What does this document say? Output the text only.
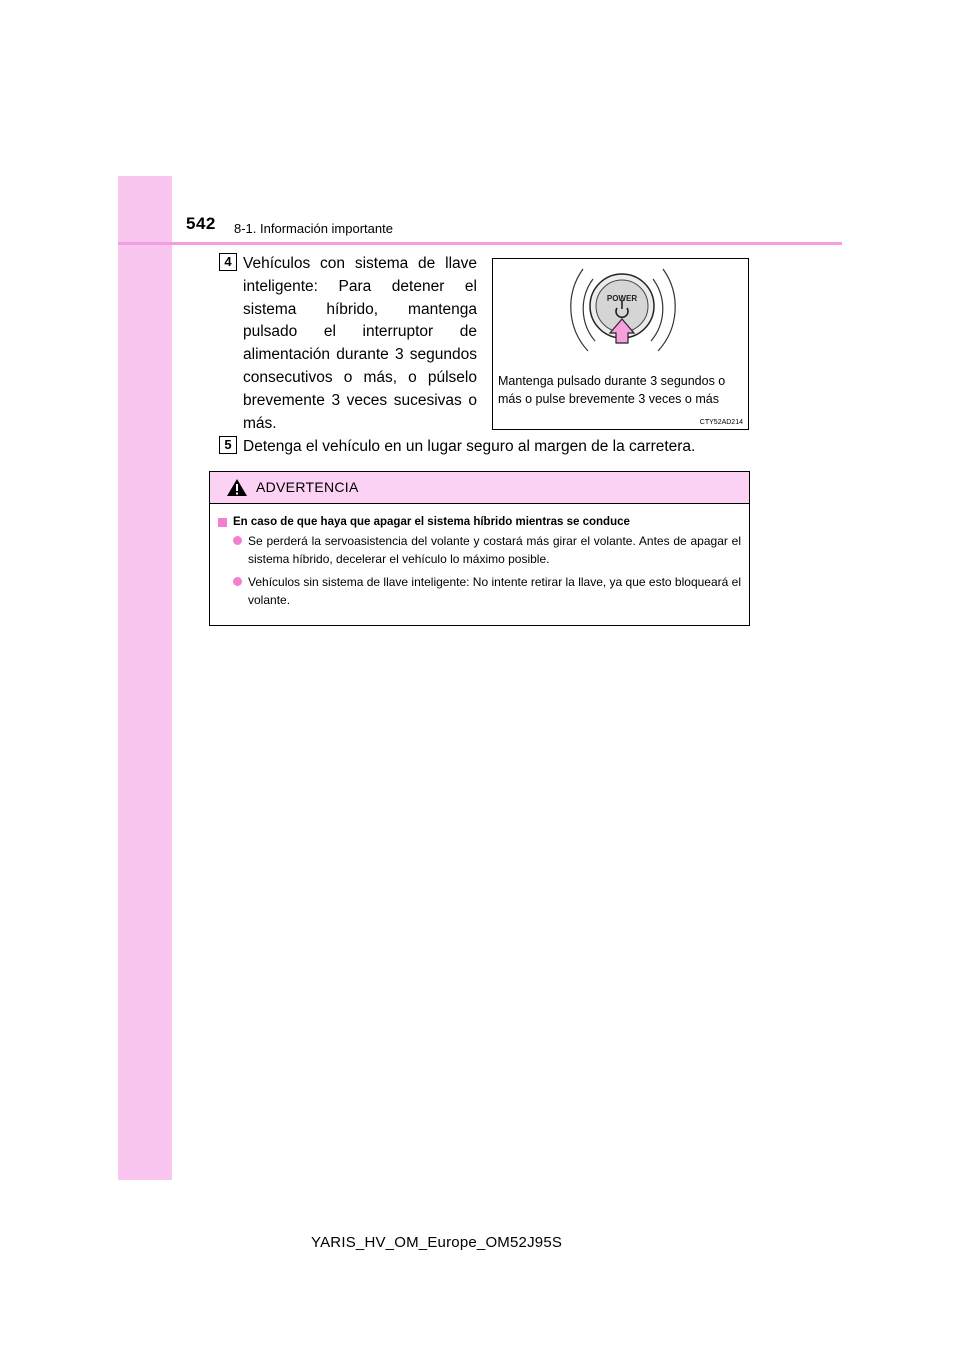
542 8-1. Información importante
4 Vehículos con sistema de llave inteligente: Para detener el sistema híbrido, mantenga pulsado el interruptor de alimentación durante 3 segundos consecutivos o más, o púlselo brevemente 3 veces sucesivas o más.
POWER
Mantenga pulsado durante 3 segundos o más o pulse brevemente 3 veces o más
CTY52AD214
5 Detenga el vehículo en un lugar seguro al margen de la carretera.
ADVERTENCIA
En caso de que haya que apagar el sistema híbrido mientras se conduce
Se perderá la servoasistencia del volante y costará más girar el volante. Antes de apagar el sistema híbrido, decelerar el vehículo lo máximo posible.
Vehículos sin sistema de llave inteligente: No intente retirar la llave, ya que esto bloqueará el volante.
YARIS_HV_OM_Europe_OM52J95S
